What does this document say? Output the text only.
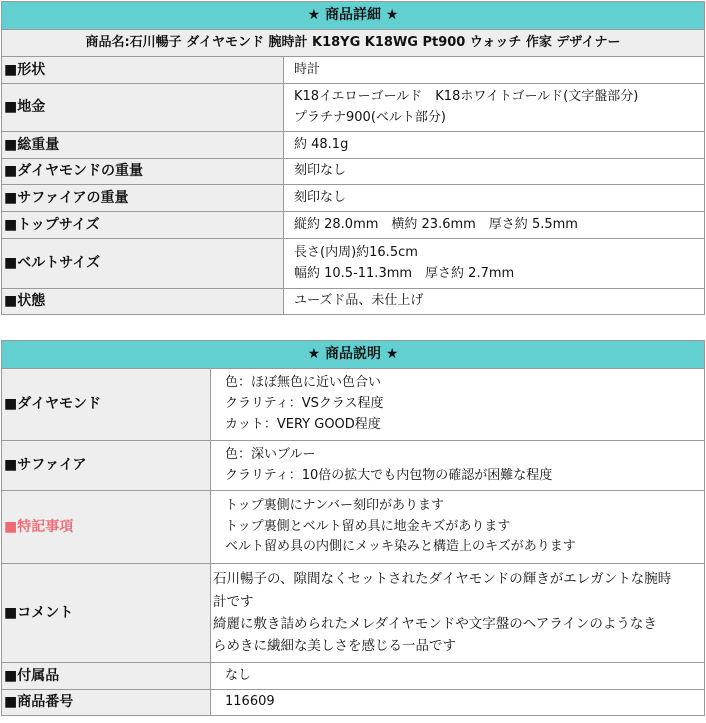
★ 商品詳細 ★	
商品名:石川暢子 ダイヤモンド 腕時計 K18YG K18WG Pt900 ウォッチ 作家 デザイナー	
■形状	時計

■地金	K18イエローゴールド　K18ホワイトゴールド(文字盤部分)
プラチナ900(ベルト部分)

■総重量	約 48.1g

■ダイヤモンドの重量	刻印なし

■サファイアの重量	刻印なし

■トップサイズ	縦約 28.0mm　横約 23.6mm　厚さ約 5.5mm

■ベルトサイズ	長さ(内周)約16.5cm
幅約 10.5-11.3mm　厚さ約 2.7mm

■状態	ユーズド品、未仕上げ
★ 商品説明 ★	
■ダイヤモンド	色：ほぼ無色に近い色合い
クラリティ：VSクラス程度
カット：VERY GOOD程度

■サファイア	色：深いブルー
クラリティ：10倍の拡大でも内包物の確認が困難な程度

■特記事項	トップ裏側にナンバー刻印があります
トップ裏側とベルト留め具に地金キズがあります
ベルト留め具の内側にメッキ染みと構造上のキズがあります

■コメント	石川暢子の、隙間なくセットされたダイヤモンドの輝きがエレガントな腕時
計です
綺麗に敷き詰められたメレダイヤモンドや文字盤のヘアラインのようなき
らめきに繊細な美しさを感じる一品です

■付属品	なし

■商品番号	116609
